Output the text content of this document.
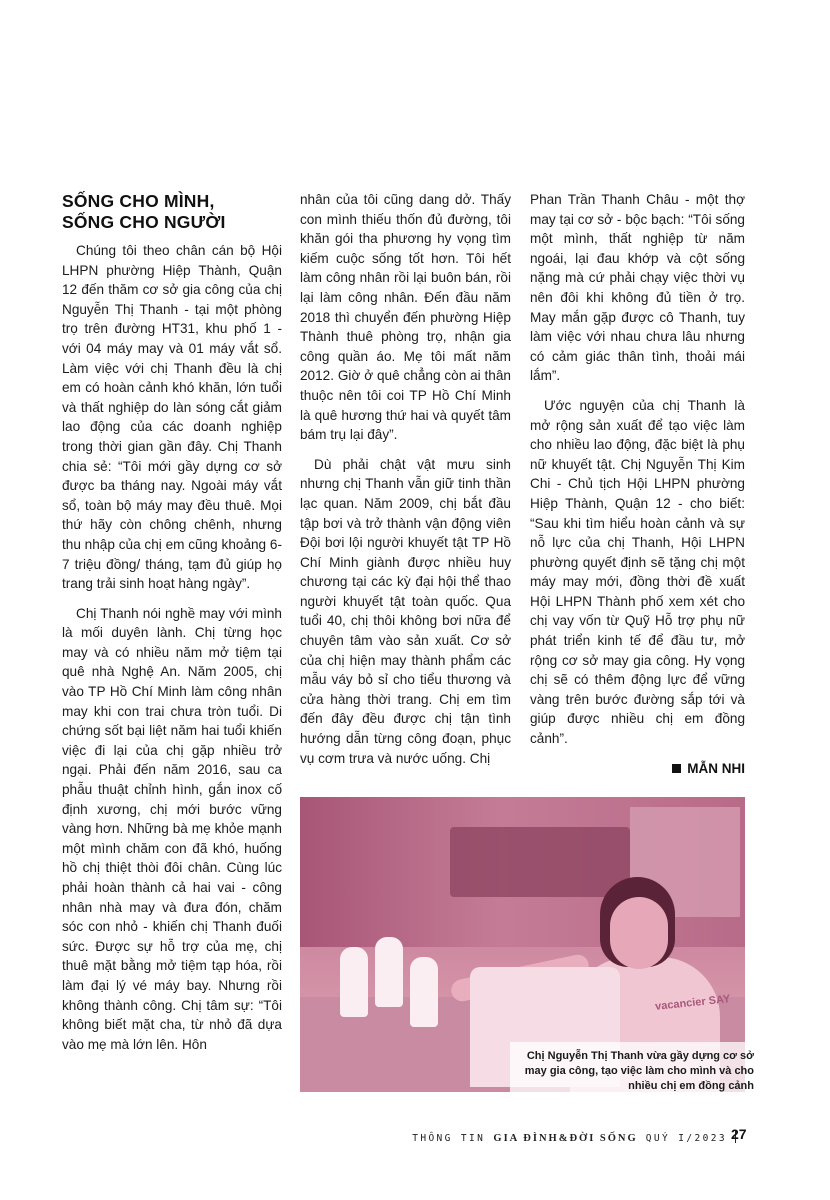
SỐNG CHO MÌNH,
SỐNG CHO NGƯỜI

Chúng tôi theo chân cán bộ Hội LHPN phường Hiệp Thành, Quận 12 đến thăm cơ sở gia công của chị Nguyễn Thị Thanh - tại một phòng trọ trên đường HT31, khu phố 1 - với 04 máy may và 01 máy vắt sổ. Làm việc với chị Thanh đều là chị em có hoàn cảnh khó khăn, lớn tuổi và thất nghiệp do làn sóng cắt giảm lao động của các doanh nghiệp trong thời gian gần đây. Chị Thanh chia sẻ: “Tôi mới gầy dựng cơ sở được ba tháng nay. Ngoài máy vắt sổ, toàn bộ máy may đều thuê. Mọi thứ hãy còn chông chênh, nhưng thu nhập của chị em cũng khoảng 6-7 triệu đồng/ tháng, tạm đủ giúp họ trang trải sinh hoạt hàng ngày”.

Chị Thanh nói nghề may với mình là mối duyên lành. Chị từng học may và có nhiều năm mở tiệm tại quê nhà Nghệ An. Năm 2005, chị vào TP Hồ Chí Minh làm công nhân may khi con trai chưa tròn tuổi. Di chứng sốt bại liệt năm hai tuổi khiến việc đi lại của chị gặp nhiều trở ngại. Phải đến năm 2016, sau ca phẫu thuật chỉnh hình, gắn inox cố định xương, chị mới bước vững vàng hơn. Những bà mẹ khỏe mạnh một mình chăm con đã khó, huống hồ chị thiệt thòi đôi chân. Cùng lúc phải hoàn thành cả hai vai - công nhân nhà may và đưa đón, chăm sóc con nhỏ - khiến chị Thanh đuối sức. Được sự hỗ trợ của mẹ, chị thuê mặt bằng mở tiệm tạp hóa, rồi làm đại lý vé máy bay. Nhưng rồi không thành công. Chị tâm sự: “Tôi không biết mặt cha, từ nhỏ đã dựa vào mẹ mà lớn lên. Hôn

nhân của tôi cũng dang dở. Thấy con mình thiếu thốn đủ đường, tôi khăn gói tha phương hy vọng tìm kiếm cuộc sống tốt hơn. Tôi hết làm công nhân rồi lại buôn bán, rồi lại làm công nhân. Đến đầu năm 2018 thì chuyển đến phường Hiệp Thành thuê phòng trọ, nhận gia công quần áo. Mẹ tôi mất năm 2012. Giờ ở quê chẳng còn ai thân thuộc nên tôi coi TP Hồ Chí Minh là quê hương thứ hai và quyết tâm bám trụ lại đây”.

Dù phải chật vật mưu sinh nhưng chị Thanh vẫn giữ tinh thần lạc quan. Năm 2009, chị bắt đầu tập bơi và trở thành vận động viên Đội bơi lội người khuyết tật TP Hồ Chí Minh giành được nhiều huy chương tại các kỳ đại hội thể thao người khuyết tật toàn quốc. Qua tuổi 40, chị thôi không bơi nữa để chuyên tâm vào sản xuất. Cơ sở của chị hiện may thành phẩm các mẫu váy bỏ sỉ cho tiểu thương và cửa hàng thời trang. Chị em tìm đến đây đều được chị tận tình hướng dẫn từng công đoạn, phục vụ cơm trưa và nước uống. Chị

Phan Trần Thanh Châu - một thợ may tại cơ sở - bộc bạch: “Tôi sống một mình, thất nghiệp từ năm ngoái, lại đau khớp và cột sống nặng mà cứ phải chạy việc thời vụ nên đôi khi không đủ tiền ở trọ. May mắn gặp được cô Thanh, tuy làm việc với nhau chưa lâu nhưng có cảm giác thân tình, thoải mái lắm”.

Ước nguyện của chị Thanh là mở rộng sản xuất để tạo việc làm cho nhiều lao động, đặc biệt là phụ nữ khuyết tật. Chị Nguyễn Thị Kim Chi - Chủ tịch Hội LHPN phường Hiệp Thành, Quận 12 - cho biết: “Sau khi tìm hiểu hoàn cảnh và sự nỗ lực của chị Thanh, Hội LHPN phường quyết định sẽ tặng chị một máy may mới, đồng thời đề xuất Hội LHPN Thành phố xem xét cho chị vay vốn từ Quỹ Hỗ trợ phụ nữ phát triển kinh tế để đầu tư, mở rộng cơ sở may gia công. Hy vọng chị sẽ có thêm động lực để vững vàng trên bước đường sắp tới và giúp được nhiều chị em đồng cảnh”.

MẪN NHI
vacancier SAY
Chị Nguyễn Thị Thanh vừa gầy dựng cơ sở may gia công, tạo việc làm cho mình và cho nhiều chị em đồng cảnh
THÔNG TIN GIA ĐÌNH&ĐỜI SỐNG QUÝ I/2023 27
